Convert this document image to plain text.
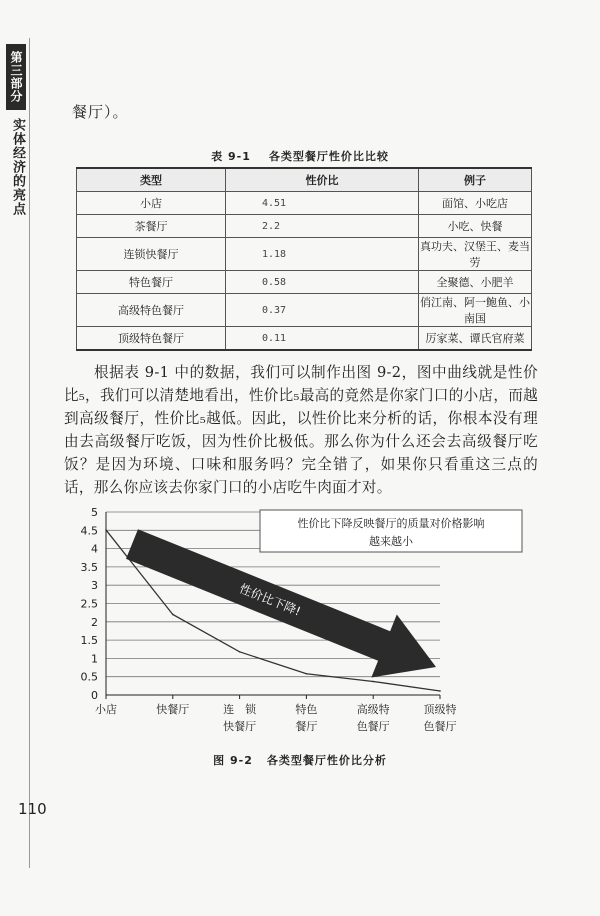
第三部分
实体经济的亮点
餐厅）。
表 9-1 各类型餐厅性价比比较
类型	性价比	例子
小店	4.51	面馆、小吃店
茶餐厅	2.2	小吃、快餐
连锁快餐厅	1.18	真功夫、汉堡王、麦当劳
特色餐厅	0.58	全聚德、小肥羊
高级特色餐厅	0.37	俏江南、阿一鲍鱼、小南国
顶级特色餐厅	0.11	厉家菜、谭氏官府菜

根据表 9-1 中的数据，我们可以制作出图 9-2，图中曲线就是性价比₅，我们可以清楚地看出，性价比₅最高的竟然是你家门口的小店，而越到高级餐厅，性价比₅越低。因此，以性价比来分析的话，你根本没有理由去高级餐厅吃饭，因为性价比极低。那么你为什么还会去高级餐厅吃饭？是因为环境、口味和服务吗？完全错了，如果你只看重这三点的话，那么你应该去你家门口的小店吃牛肉面才对。

0
0.5
1
1.5
2
2.5
3
3.5
4
4.5
5
小店	快餐厅	连　锁
快餐厅
特色
餐厅
高级特
色餐厅
顶级特
色餐厅
性价比下降!
性价比下降反映餐厅的质量对价格影响
越来越小
图 9-2 各类型餐厅性价比分析
110
